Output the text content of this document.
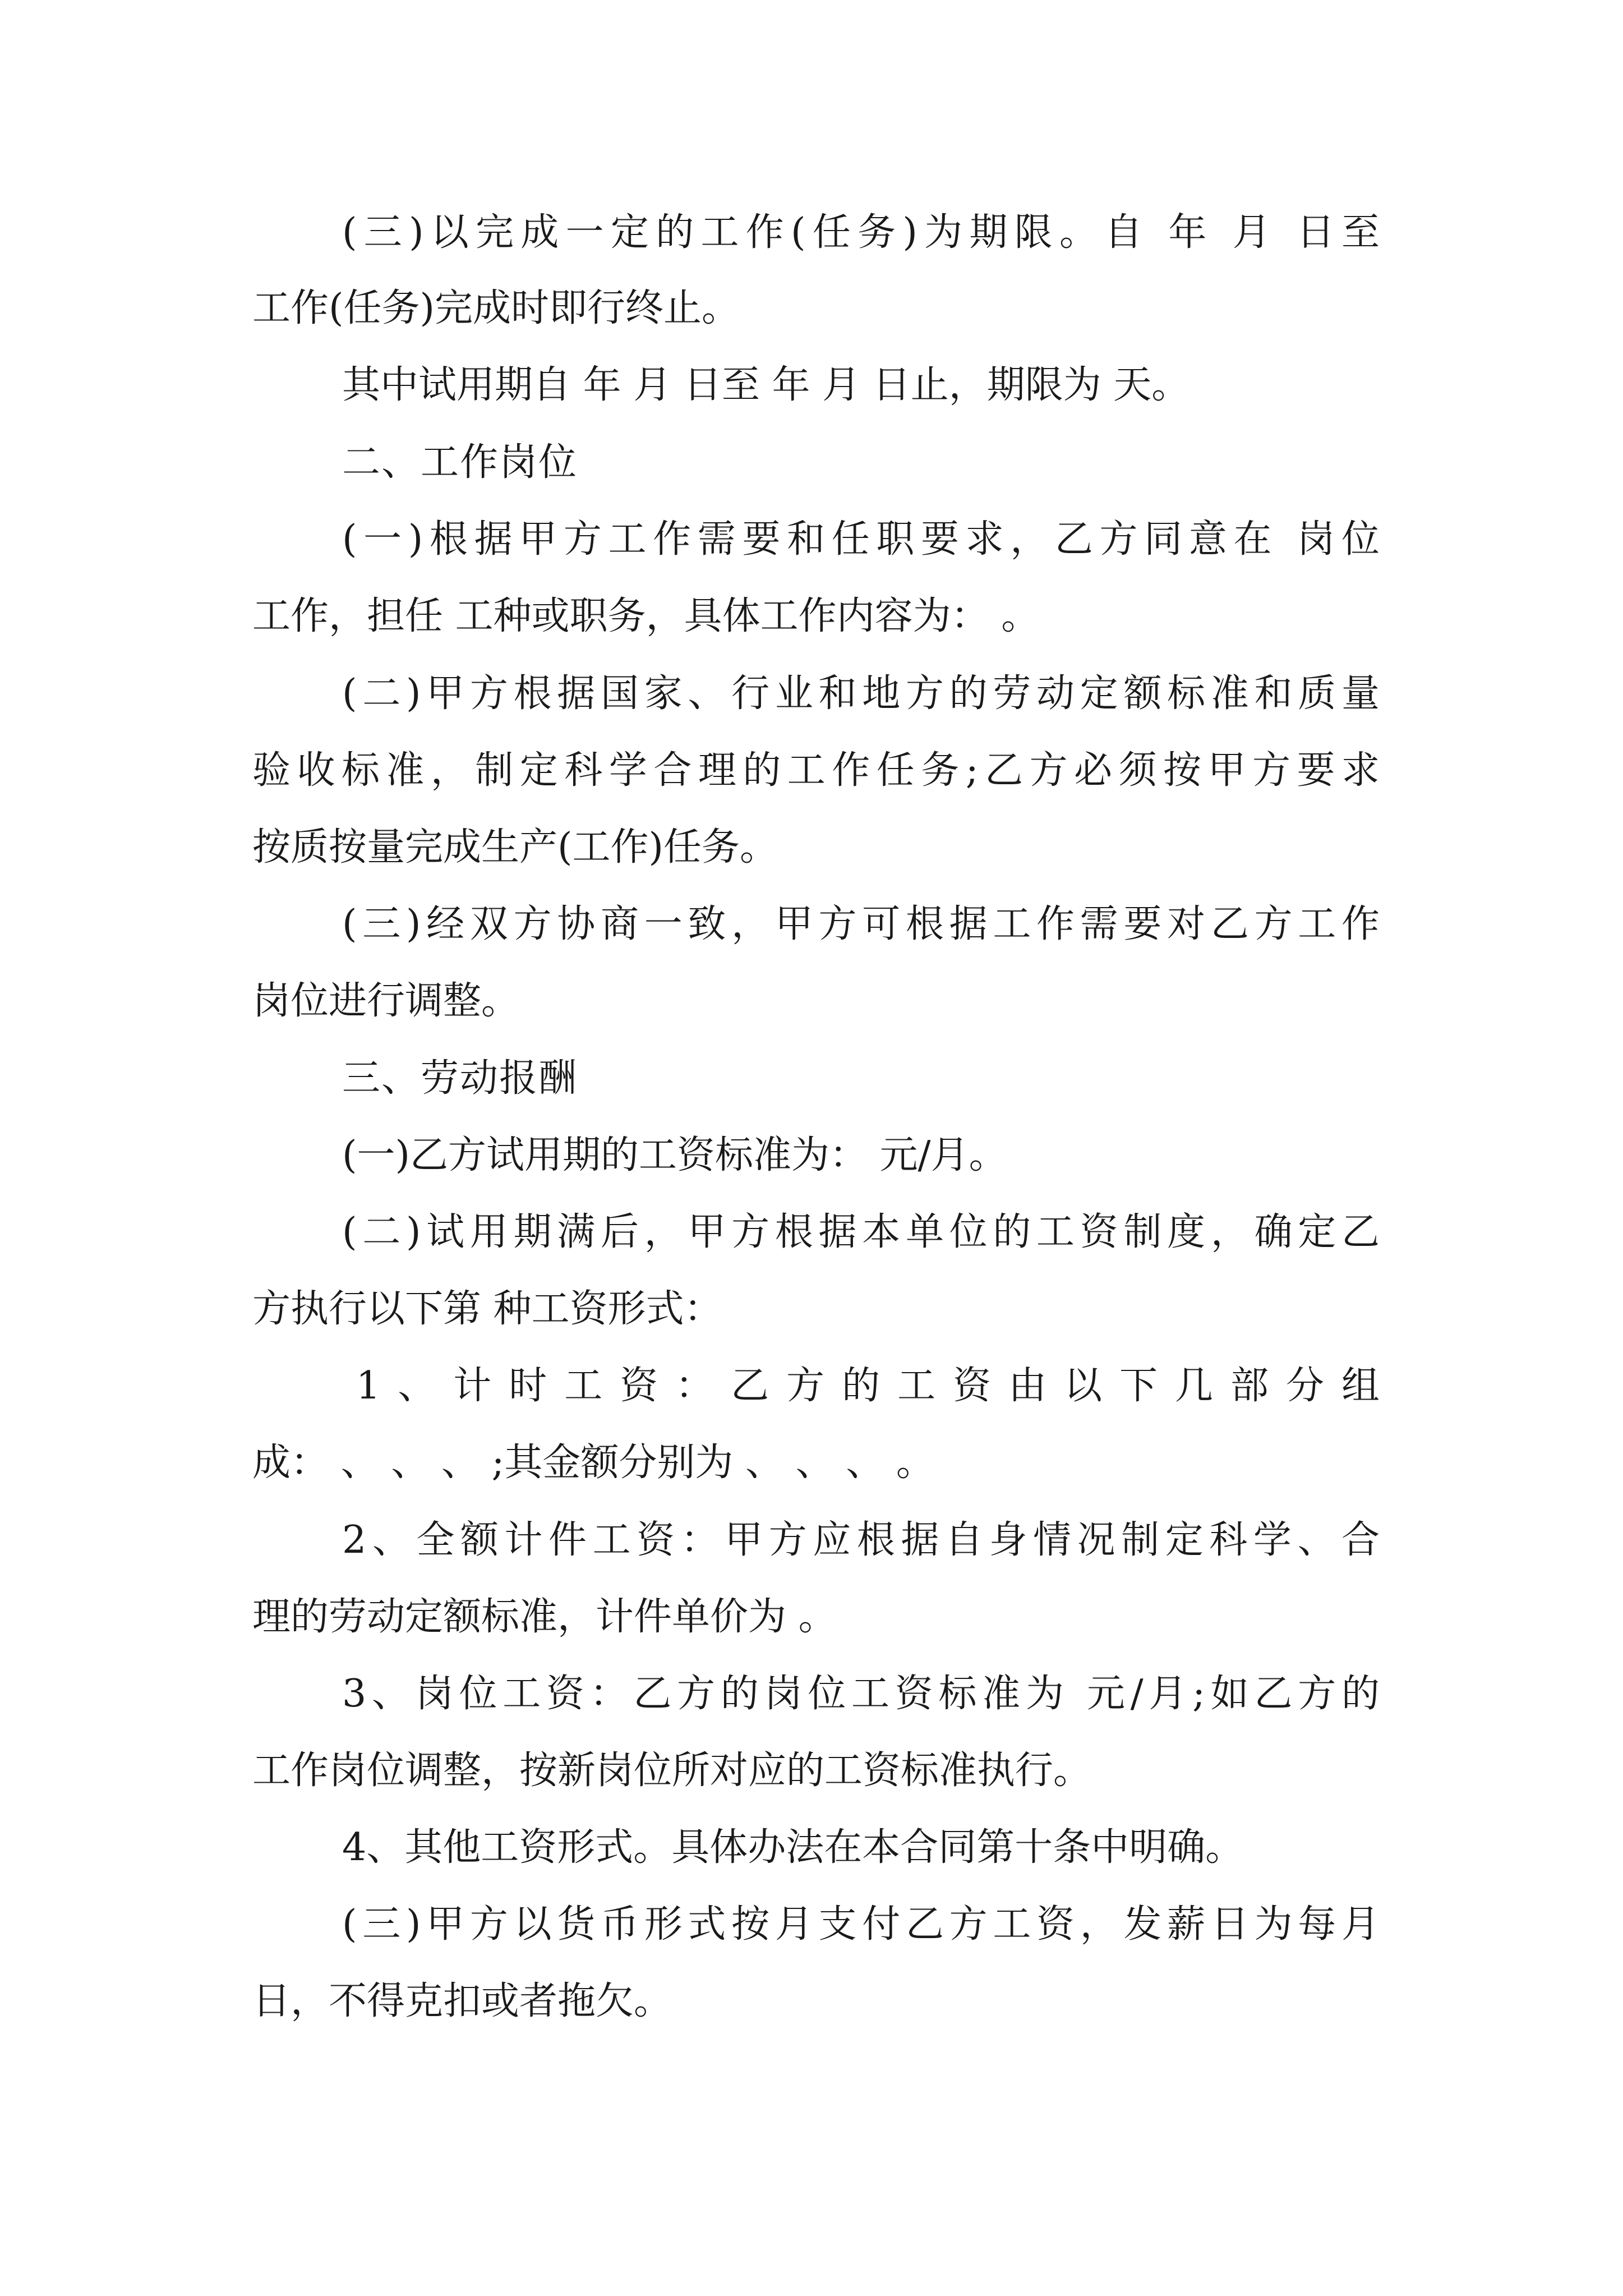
(三)以完成一定的工作(任务)为期限。自 年 月 日至
工作(任务)完成时即行终止。
其中试用期自 年 月 日至 年 月 日止，期限为 天。
二、工作岗位
(一)根据甲方工作需要和任职要求，乙方同意在 岗位
工作，担任 工种或职务，具体工作内容为： 。
(二)甲方根据国家、行业和地方的劳动定额标准和质量
验收标准，制定科学合理的工作任务;乙方必须按甲方要求
按质按量完成生产(工作)任务。
(三)经双方协商一致，甲方可根据工作需要对乙方工作
岗位进行调整。
三、劳动报酬
(一)乙方试用期的工资标准为： 元/月。
(二)试用期满后，甲方根据本单位的工资制度，确定乙
方执行以下第 种工资形式：
1、计时工资：乙方的工资由以下几部分组
成： 、 、 、 ;其金额分别为 、 、 、 。
2、全额计件工资：甲方应根据自身情况制定科学、合
理的劳动定额标准，计件单价为 。
3、岗位工资：乙方的岗位工资标准为 元/月;如乙方的
工作岗位调整，按新岗位所对应的工资标准执行。
4、其他工资形式。具体办法在本合同第十条中明确。
(三)甲方以货币形式按月支付乙方工资，发薪日为每月
日，不得克扣或者拖欠。
